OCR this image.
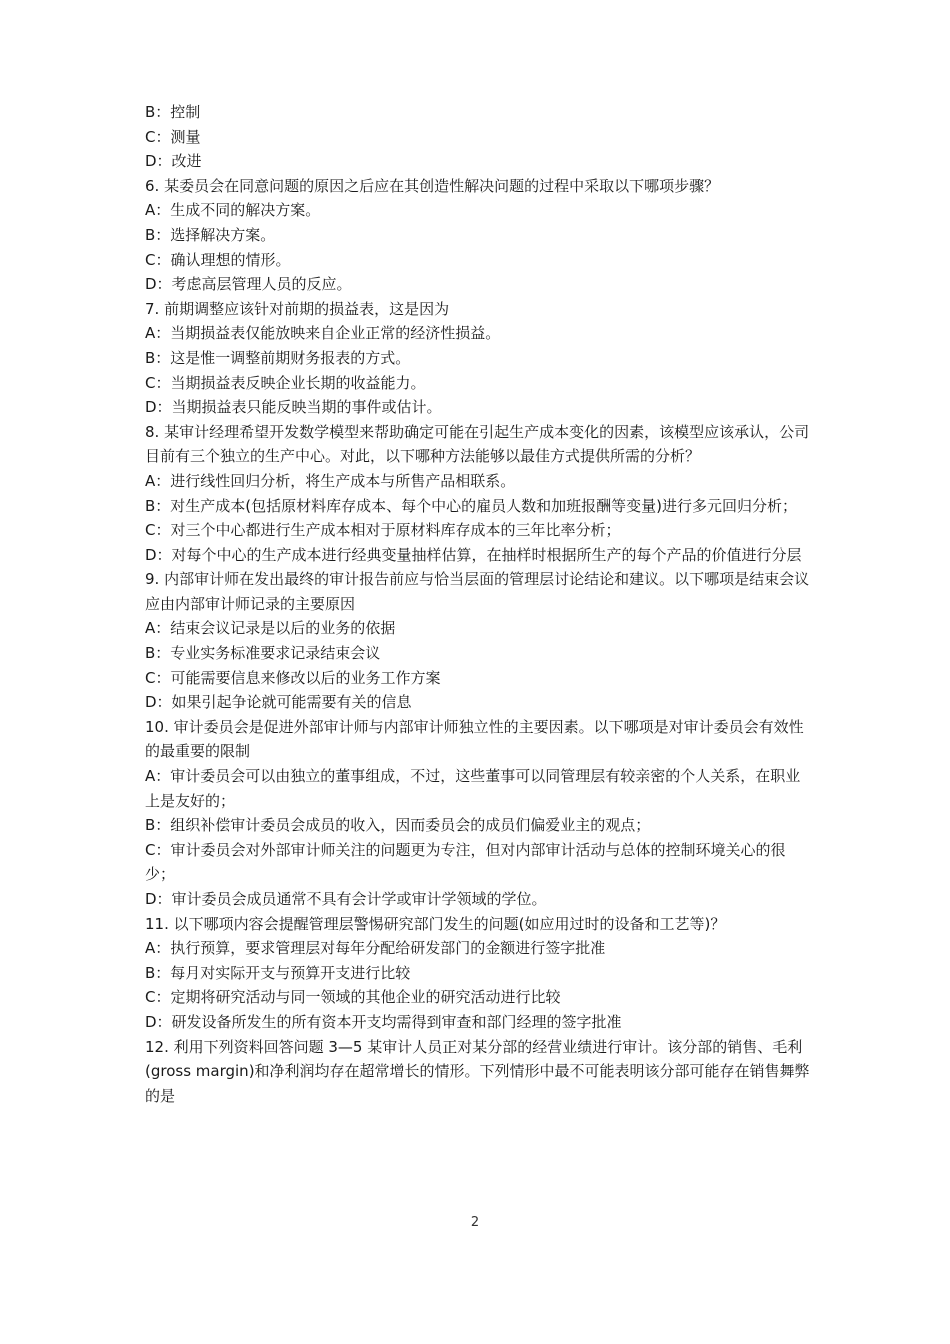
B：控制

C：测量

D：改进

6. 某委员会在同意问题的原因之后应在其创造性解决问题的过程中采取以下哪项步骤？

A：生成不同的解决方案。

B：选择解决方案。

C：确认理想的情形。

D：考虑高层管理人员的反应。

7. 前期调整应该针对前期的损益表，这是因为

A：当期损益表仅能放映来自企业正常的经济性损益。

B：这是惟一调整前期财务报表的方式。

C：当期损益表反映企业长期的收益能力。

D：当期损益表只能反映当期的事件或估计。

8. 某审计经理希望开发数学模型来帮助确定可能在引起生产成本变化的因素，该模型应该承认，公司目前有三个独立的生产中心。对此，以下哪种方法能够以最佳方式提供所需的分析？

A：进行线性回归分析，将生产成本与所售产品相联系。

B：对生产成本(包括原材料库存成本、每个中心的雇员人数和加班报酬等变量)进行多元回归分析；

C：对三个中心都进行生产成本相对于原材料库存成本的三年比率分析；

D：对每个中心的生产成本进行经典变量抽样估算，在抽样时根据所生产的每个产品的价值进行分层

9. 内部审计师在发出最终的审计报告前应与恰当层面的管理层讨论结论和建议。以下哪项是结束会议应由内部审计师记录的主要原因

A：结束会议记录是以后的业务的依据

B：专业实务标准要求记录结束会议

C：可能需要信息来修改以后的业务工作方案

D：如果引起争论就可能需要有关的信息

10. 审计委员会是促进外部审计师与内部审计师独立性的主要因素。以下哪项是对审计委员会有效性的最重要的限制

A：审计委员会可以由独立的董事组成，不过，这些董事可以同管理层有较亲密的个人关系，在职业上是友好的；

B：组织补偿审计委员会成员的收入，因而委员会的成员们偏爱业主的观点；

C：审计委员会对外部审计师关注的问题更为专注，但对内部审计活动与总体的控制环境关心的很少；

D：审计委员会成员通常不具有会计学或审计学领域的学位。

11. 以下哪项内容会提醒管理层警惕研究部门发生的问题(如应用过时的设备和工艺等)？

A：执行预算，要求管理层对每年分配给研发部门的金额进行签字批准

B：每月对实际开支与预算开支进行比较

C：定期将研究活动与同一领域的其他企业的研究活动进行比较

D：研发设备所发生的所有资本开支均需得到审查和部门经理的签字批准

12. 利用下列资料回答问题 3—5 某审计人员正对某分部的经营业绩进行审计。该分部的销售、毛利(gross margin)和净利润均存在超常增长的情形。下列情形中最不可能表明该分部可能存在销售舞弊的是

2
